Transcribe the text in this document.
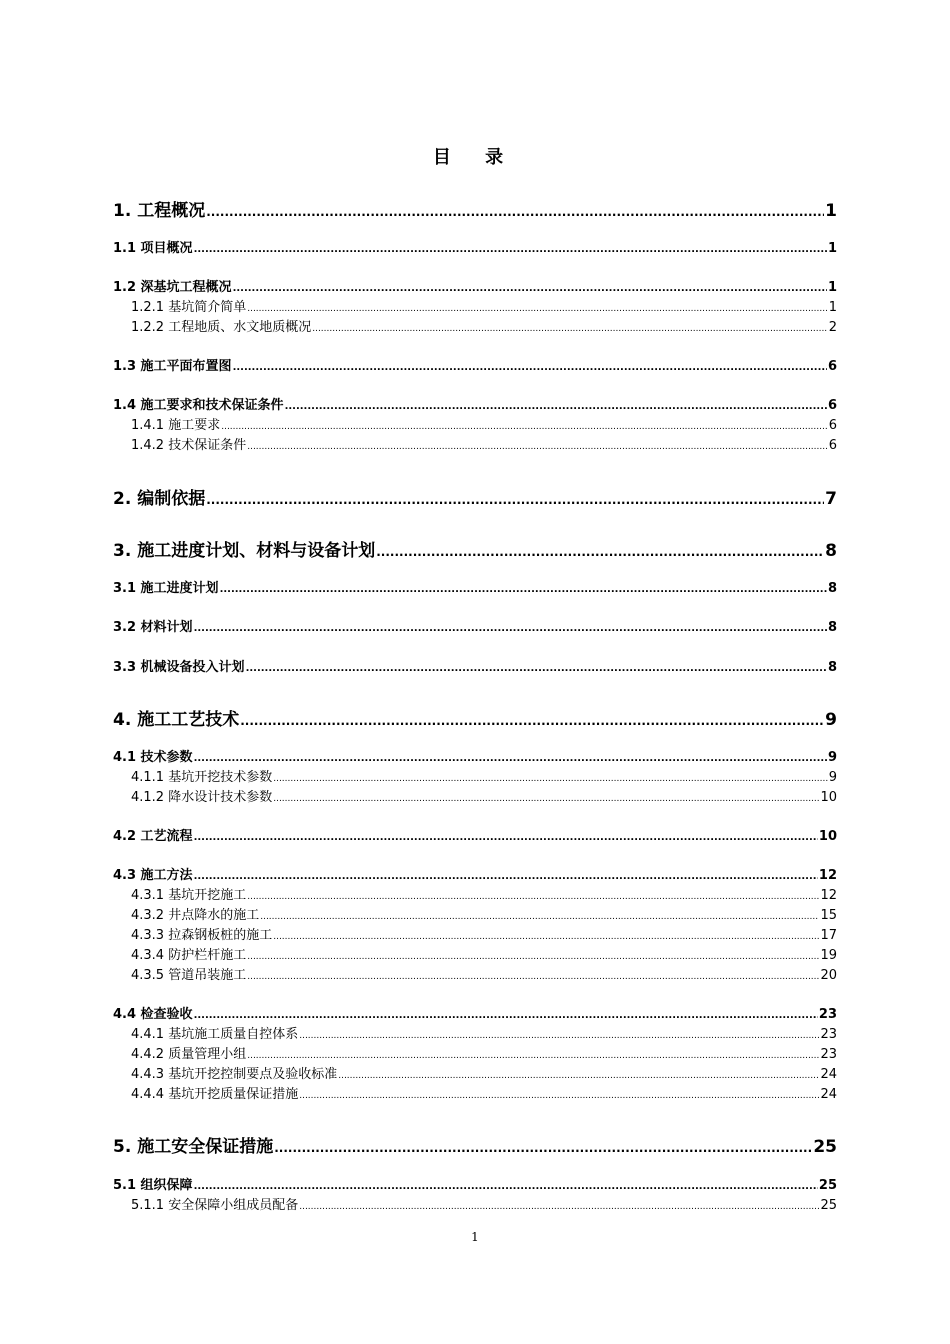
目 录
1. 工程概况 .....	1
1.1 项目概况 .....	1
1.2 深基坑工程概况 .....	1
1.2.1 基坑简介简单 .....	1
1.2.2 工程地质、水文地质概况 .....	2
1.3 施工平面布置图 .....	6
1.4 施工要求和技术保证条件 .....	6
1.4.1 施工要求 .....	6
1.4.2 技术保证条件 .....	6
2. 编制依据 .....	7
3. 施工进度计划、材料与设备计划 .....	8
3.1 施工进度计划 .....	8
3.2 材料计划 .....	8
3.3 机械设备投入计划 .....	8
4. 施工工艺技术 .....	9
4.1 技术参数 .....	9
4.1.1 基坑开挖技术参数 .....	9
4.1.2 降水设计技术参数 .....	10
4.2 工艺流程 .....	10
4.3 施工方法 .....	12
4.3.1 基坑开挖施工 .....	12
4.3.2 井点降水的施工 .....	15
4.3.3 拉森钢板桩的施工 .....	17
4.3.4 防护栏杆施工 .....	19
4.3.5 管道吊装施工 .....	20
4.4 检查验收 .....	23
4.4.1 基坑施工质量自控体系 .....	23
4.4.2 质量管理小组 .....	23
4.4.3 基坑开挖控制要点及验收标准 .....	24
4.4.4 基坑开挖质量保证措施 .....	24
5. 施工安全保证措施 .....	25
5.1 组织保障 .....	25
5.1.1 安全保障小组成员配备 .....	25
1
